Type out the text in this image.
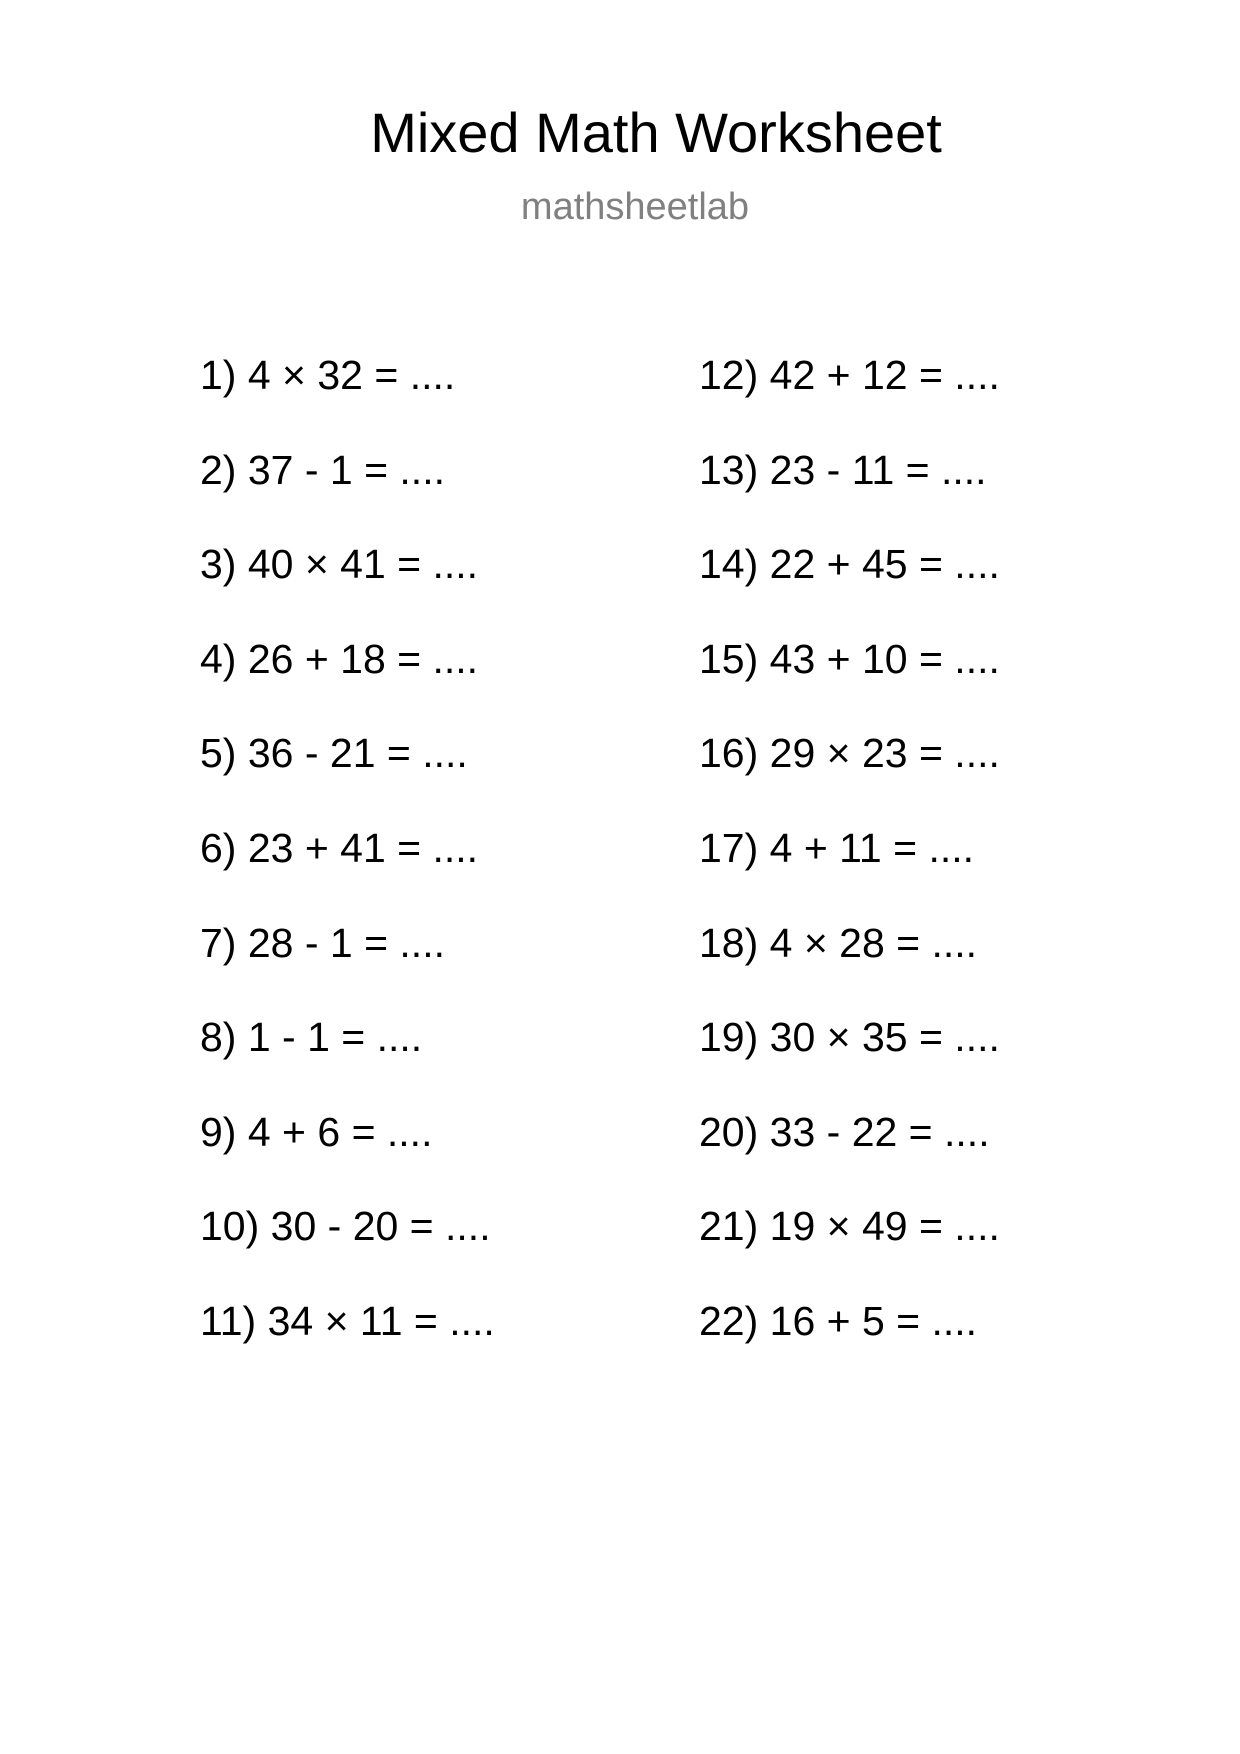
Mixed Math Worksheet
mathsheetlab
1) 4 × 32 = ....
2) 37 - 1 = ....
3) 40 × 41 = ....
4) 26 + 18 = ....
5) 36 - 21 = ....
6) 23 + 41 = ....
7) 28 - 1 = ....
8) 1 - 1 = ....
9) 4 + 6 = ....
10) 30 - 20 = ....
11) 34 × 11 = ....
12) 42 + 12 = ....
13) 23 - 11 = ....
14) 22 + 45 = ....
15) 43 + 10 = ....
16) 29 × 23 = ....
17) 4 + 11 = ....
18) 4 × 28 = ....
19) 30 × 35 = ....
20) 33 - 22 = ....
21) 19 × 49 = ....
22) 16 + 5 = ....
